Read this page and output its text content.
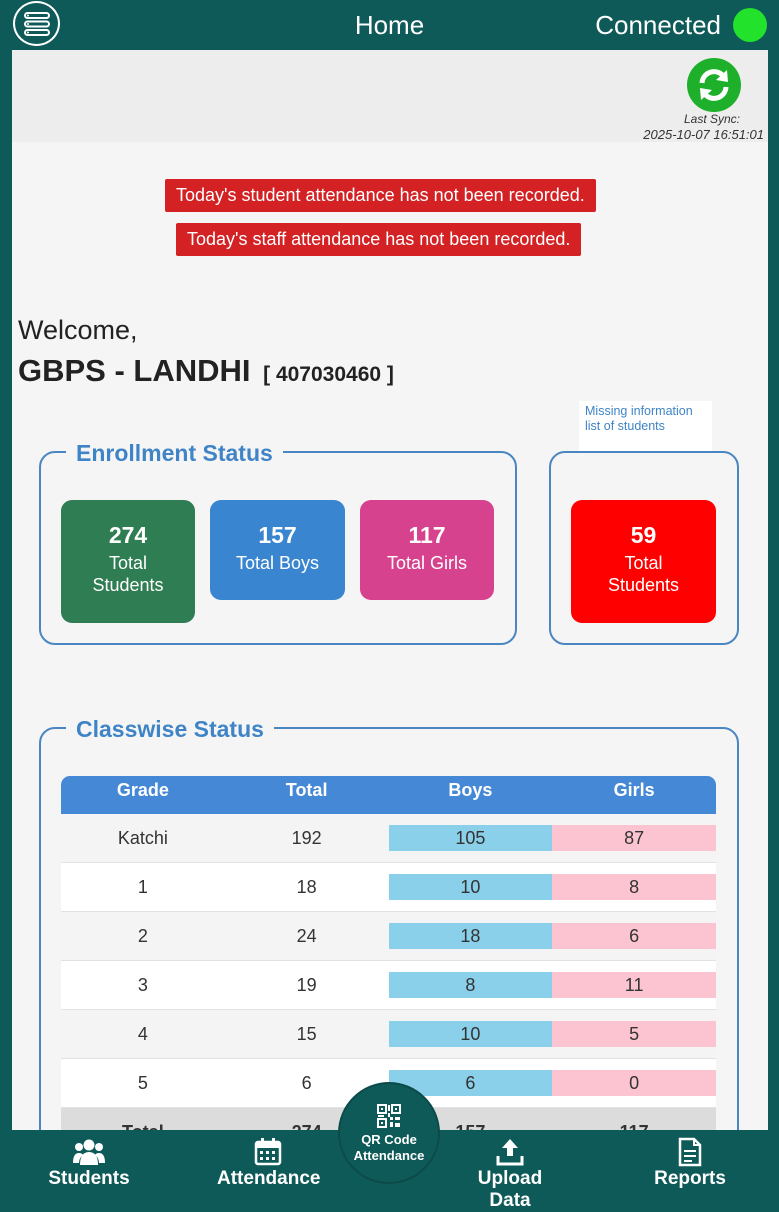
Home	Connected
Last Sync:
2025-10-07 16:51:01
Today's student attendance has not been recorded.
Today's staff attendance has not been recorded.
Welcome,
GBPS - LANDHI [ 407030460 ]
Enrollment Status
274
Total Students
157
Total Boys
117
Total Girls
Missing information list of students
59
Total Students
Classwise Status
Grade	Total	Boys	Girls
Katchi	192	105	87
1	18	10	8
2	24	18	6
3	19	8	11
4	15	10	5
5	6	6	0
Students	Attendance	Upload Data
Reports
QR Code
Attendance
